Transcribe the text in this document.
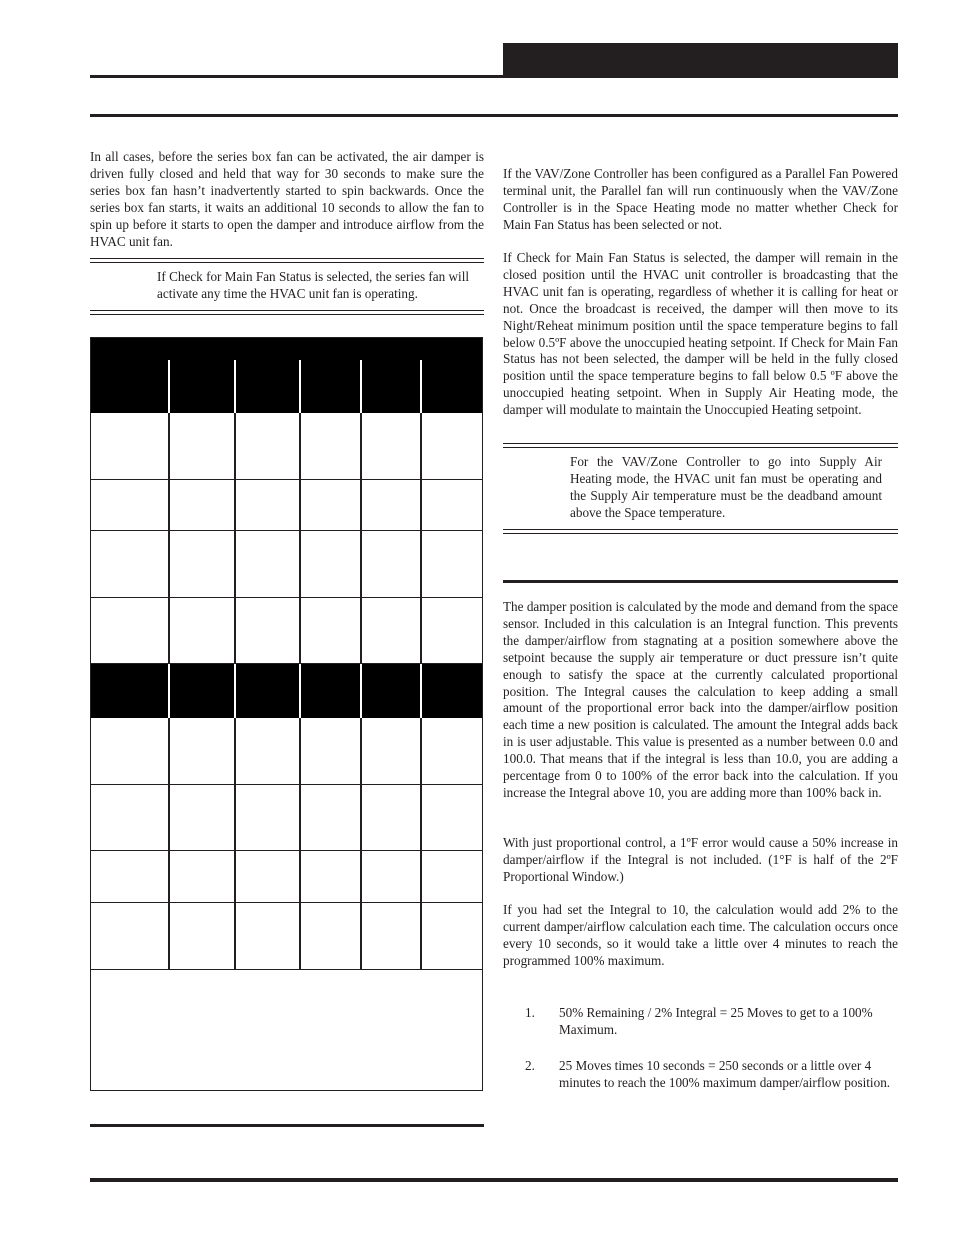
In all cases, before the series box fan can be activated, the air damper is driven fully closed and held that way for 30 seconds to make sure the series box fan hasn’t inadvertently started to spin backwards. Once the series box fan starts, it waits an additional 10 seconds to allow the fan to spin up before it starts to open the damper and introduce airflow from the HVAC unit fan.

If Check for Main Fan Status is selected, the series fan will activate any time the HVAC unit fan is operating.

If the VAV/Zone Controller has been configured as a Parallel Fan Powered terminal unit, the Parallel fan will run continuously when the VAV/Zone Controller is in the Space Heating mode no matter whether Check for Main Fan Status has been selected or not.

If Check for Main Fan Status is selected, the damper will remain in the closed position until the HVAC unit controller is broadcasting that the HVAC unit fan is operating, regardless of whether it is calling for heat or not. Once the broadcast is received, the damper will then move to its Night/Reheat minimum position until the space temperature begins to fall below 0.5ºF above the unoccupied heating setpoint. If Check for Main Fan Status has not been selected, the damper will be held in the fully closed position until the space temperature begins to fall below 0.5 ºF above the unoccupied heating setpoint. When in Supply Air Heating mode, the damper will modulate to maintain the Unoccupied Heating setpoint.

For the VAV/Zone Controller to go into Supply Air Heating mode, the HVAC unit fan must be operating and the Supply Air temperature must be the deadband amount above the Space temperature.

The damper position is calculated by the mode and demand from the space sensor. Included in this calculation is an Integral function. This prevents the damper/airflow from stagnating at a position somewhere above the setpoint because the supply air temperature or duct pressure isn’t quite enough to satisfy the space at the currently calculated proportional position. The Integral causes the calculation to keep adding a small amount of the proportional error back into the damper/airflow position each time a new position is calculated. The amount the Integral adds back in is user adjustable. This value is presented as a number between 0.0 and 100.0. That means that if the integral is less than 10.0, you are adding a percentage from 0 to 100% of the error back into the calculation. If you increase the Integral above 10, you are adding more than 100% back in.

With just proportional control, a 1ºF error would cause a 50% increase in damper/airflow if the Integral is not included. (1°F is half of the 2ºF Proportional Window.)

If you had set the Integral to 10, the calculation would add 2% to the current damper/airflow calculation each time. The calculation occurs once every 10 seconds, so it would take a little over 4 minutes to reach the programmed 100% maximum.

1. 50% Remaining / 2% Integral = 25 Moves to get to a 100% Maximum.

2. 25 Moves times 10 seconds = 250 seconds or a little over 4 minutes to reach the 100% maximum damper/airflow position.
